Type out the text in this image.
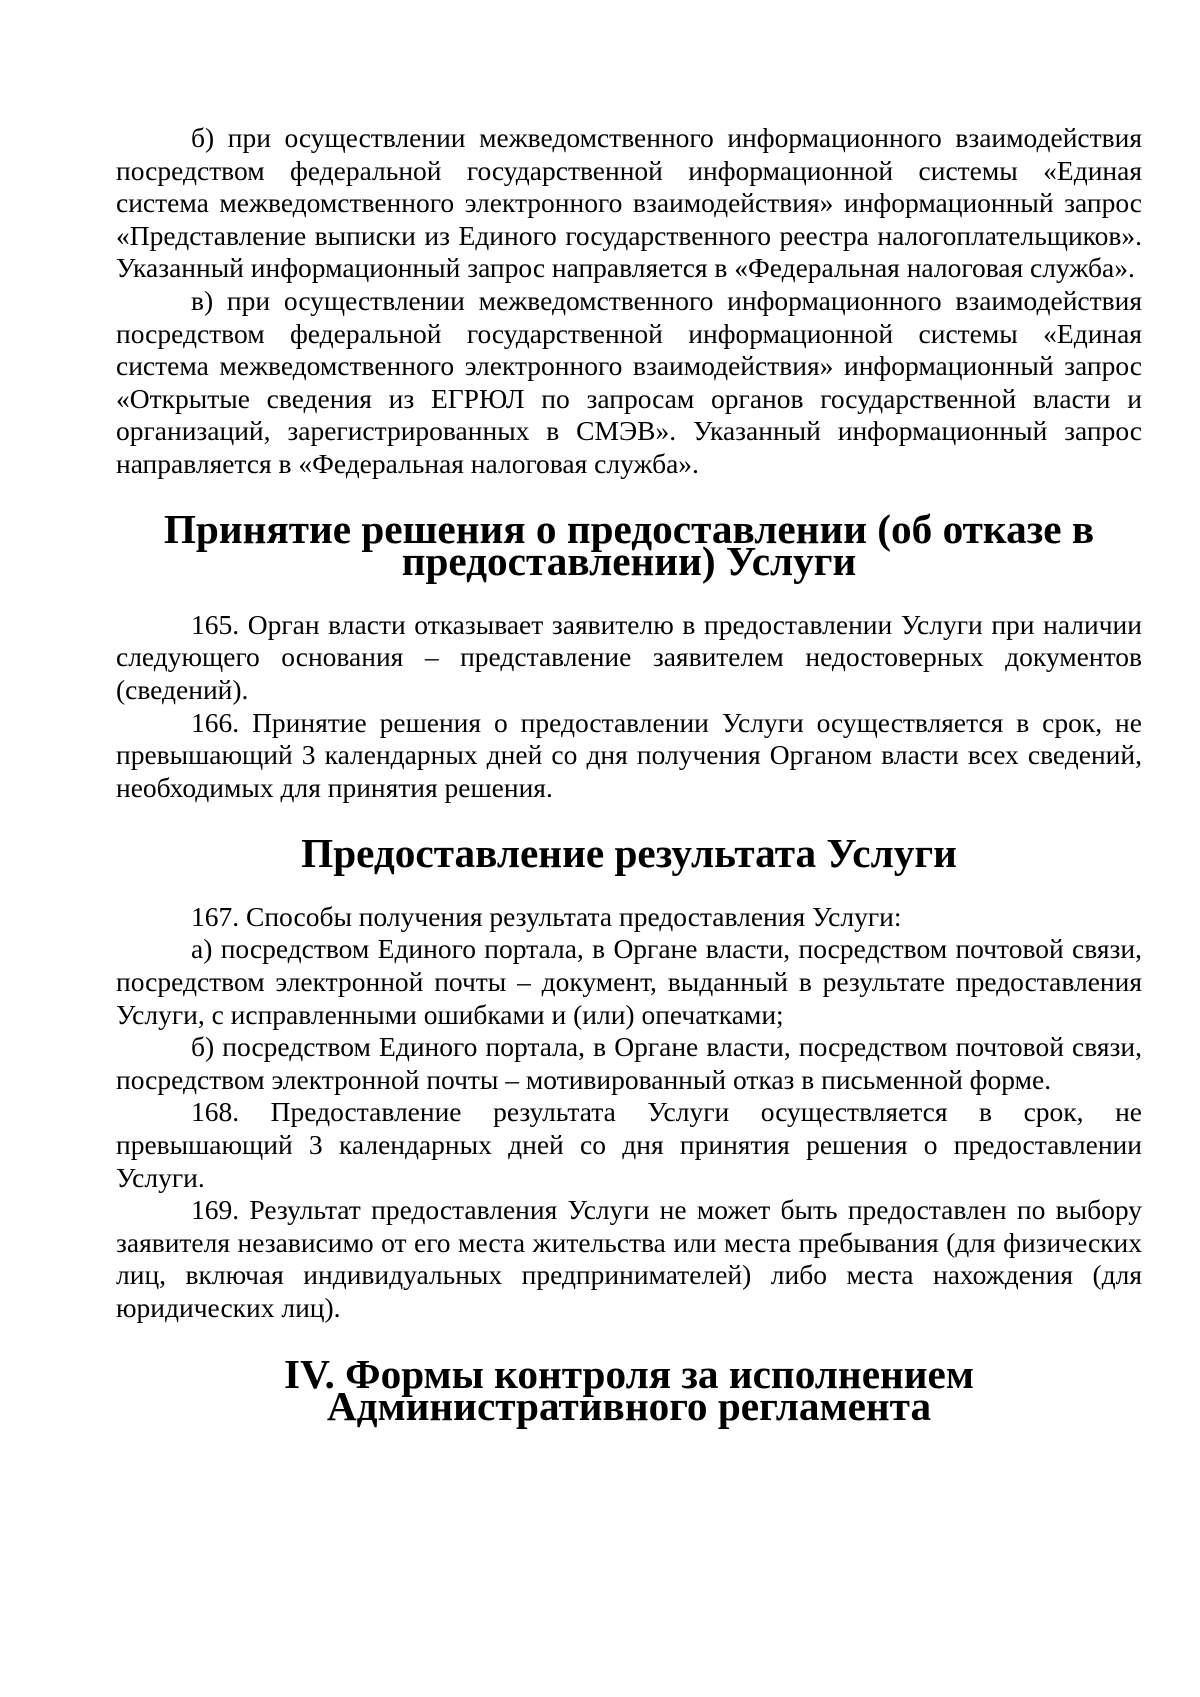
б) при осуществлении межведомственного информационного взаимодействия посредством федеральной государственной информационной системы «Единая система межведомственного электронного взаимодействия» информационный запрос «Представление выписки из Единого государственного реестра налогоплательщиков». Указанный информационный запрос направляется в «Федеральная налоговая служба».

в) при осуществлении межведомственного информационного взаимодействия посредством федеральной государственной информационной системы «Единая система межведомственного электронного взаимодействия» информационный запрос «Открытые сведения из ЕГРЮЛ по запросам органов государственной власти и организаций, зарегистрированных в СМЭВ». Указанный информационный запрос направляется в «Федеральная налоговая служба».

Принятие решения о предоставлении (об отказе в предоставлении) Услуги

165. Орган власти отказывает заявителю в предоставлении Услуги при наличии следующего основания – представление заявителем недостоверных документов (сведений).

166. Принятие решения о предоставлении Услуги осуществляется в срок, не превышающий 3 календарных дней со дня получения Органом власти всех сведений, необходимых для принятия решения.

Предоставление результата Услуги

167. Способы получения результата предоставления Услуги:

а) посредством Единого портала, в Органе власти, посредством почтовой связи, посредством электронной почты – документ, выданный в результате предоставления Услуги, с исправленными ошибками и (или) опечатками;

б) посредством Единого портала, в Органе власти, посредством почтовой связи, посредством электронной почты – мотивированный отказ в письменной форме.

168. Предоставление результата Услуги осуществляется в срок, не превышающий 3 календарных дней со дня принятия решения о предоставлении Услуги.

169. Результат предоставления Услуги не может быть предоставлен по выбору заявителя независимо от его места жительства или места пребывания (для физических лиц, включая индивидуальных предпринимателей) либо места нахождения (для юридических лиц).

IV. Формы контроля за исполнением Административного регламента
